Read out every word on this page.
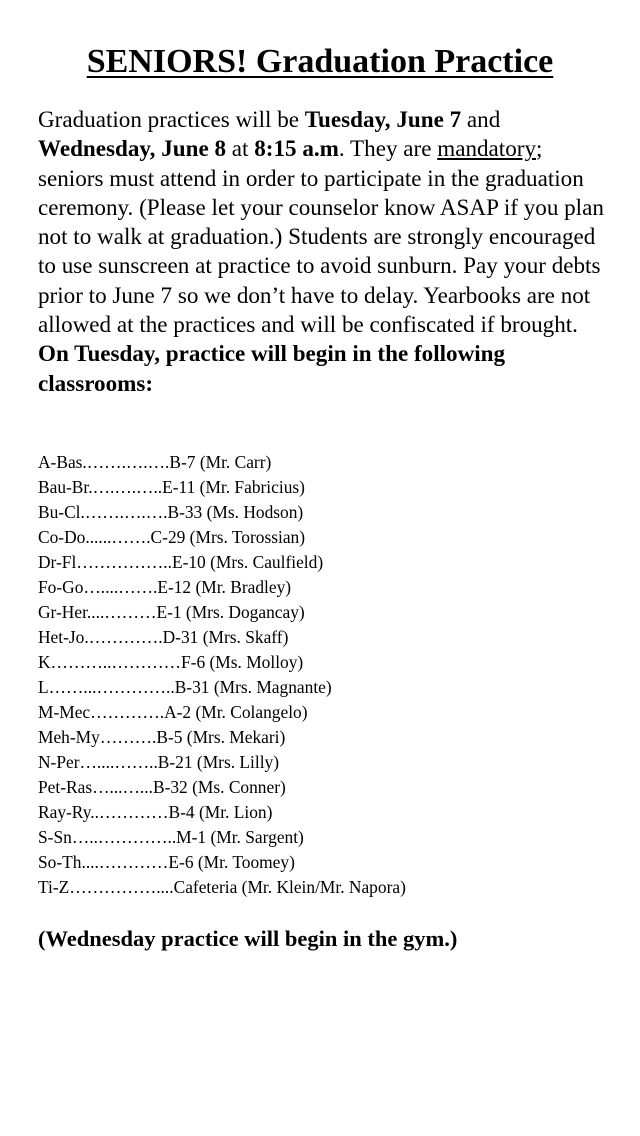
SENIORS! Graduation Practice

Graduation practices will be Tuesday, June 7 and Wednesday, June 8 at 8:15 a.m. They are mandatory; seniors must attend in order to participate in the graduation ceremony. (Please let your counselor know ASAP if you plan not to walk at graduation.) Students are strongly encouraged to use sunscreen at practice to avoid sunburn. Pay your debts prior to June 7 so we don’t have to delay. Yearbooks are not allowed at the practices and will be confiscated if brought. On Tuesday, practice will begin in the following classrooms:

A-Bas.…….….….B-7 (Mr. Carr)
Bau-Br.….….…..E-11 (Mr. Fabricius)
Bu-Cl.…….….….B-33 (Ms. Hodson)
Co-Do......…….C-29 (Mrs. Torossian)
Dr-Fl……………..E-10 (Mrs. Caulfield)
Fo-Go…....…….E-12 (Mr. Bradley)
Gr-Her....………E-1 (Mrs. Dogancay)
Het-Jo.………….D-31 (Mrs. Skaff)
K………..…………F-6 (Ms. Molloy)
L……...…………..B-31 (Mrs. Magnante)
M-Mec………….A-2 (Mr. Colangelo)
Meh-My……….B-5 (Mrs. Mekari)
N-Per…....……..B-21 (Mrs. Lilly)
Pet-Ras…...…...B-32 (Ms. Conner)
Ray-Ry..…………B-4 (Mr. Lion)
S-Sn…..…………..M-1 (Mr. Sargent)
So-Th....…………E-6 (Mr. Toomey)
Ti-Z……………....Cafeteria (Mr. Klein/Mr. Napora)

(Wednesday practice will begin in the gym.)
